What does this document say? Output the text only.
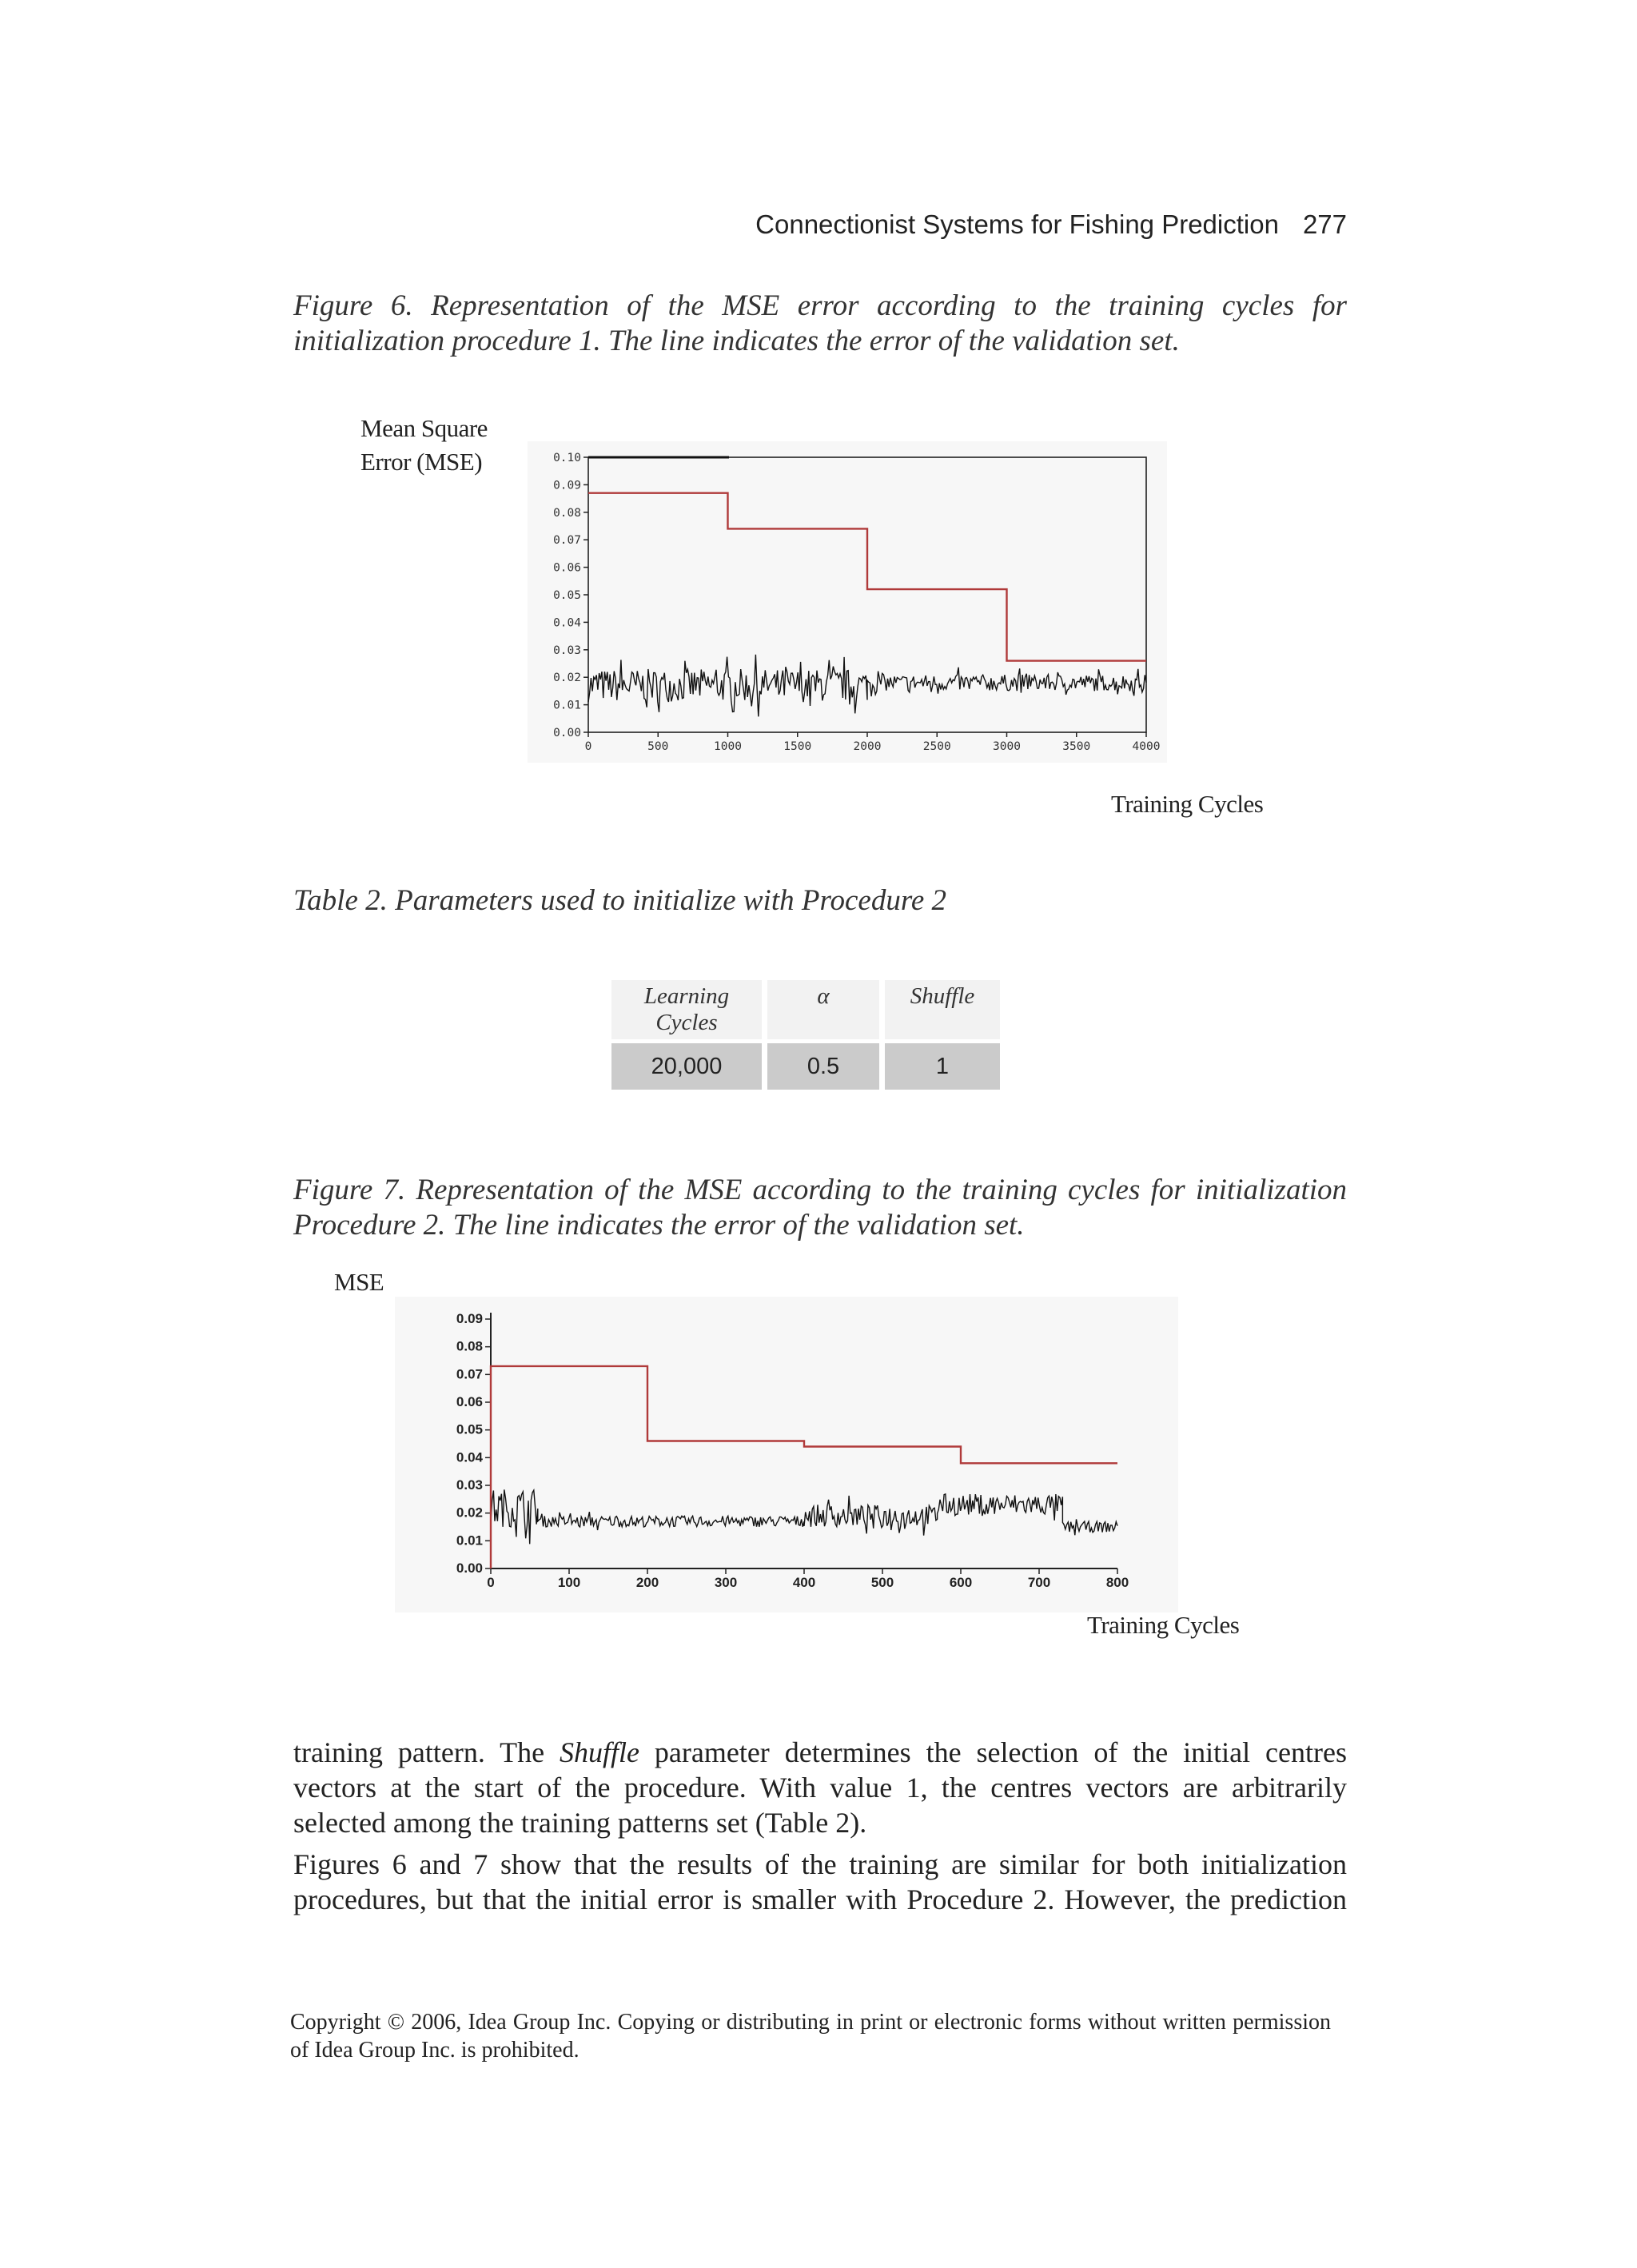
Connectionist Systems for Fishing Prediction 277
Figure 6. Representation of the MSE error according to the training cycles for initialization procedure 1. The line indicates the error of the validation set.
Mean Square
Error (MSE)
0.00
0.01
0.02
0.03
0.04
0.05
0.06
0.07
0.08
0.09
0.10
0	500	1000	1500	2000	2500	3000	3500	4000
Training Cycles
Table 2. Parameters used to initialize with Procedure 2
Learning Cycles	α	Shuffle
20,000	0.5	1
Figure 7. Representation of the MSE according to the training cycles for initialization Procedure 2. The line indicates the error of the validation set.
MSE
0.00
0.01
0.02
0.03
0.04
0.05
0.06
0.07
0.08
0.09
0	100	200	300	400	500	600	700	800
Training Cycles

training pattern. The Shuffle parameter determines the selection of the initial centres vectors at the start of the procedure. With value 1, the centres vectors are arbitrarily selected among the training patterns set (Table 2).

Figures 6 and 7 show that the results of the training are similar for both initialization procedures, but that the initial error is smaller with Procedure 2. However, the prediction

Copyright © 2006, Idea Group Inc. Copying or distributing in print or electronic forms without written permission of Idea Group Inc. is prohibited.
